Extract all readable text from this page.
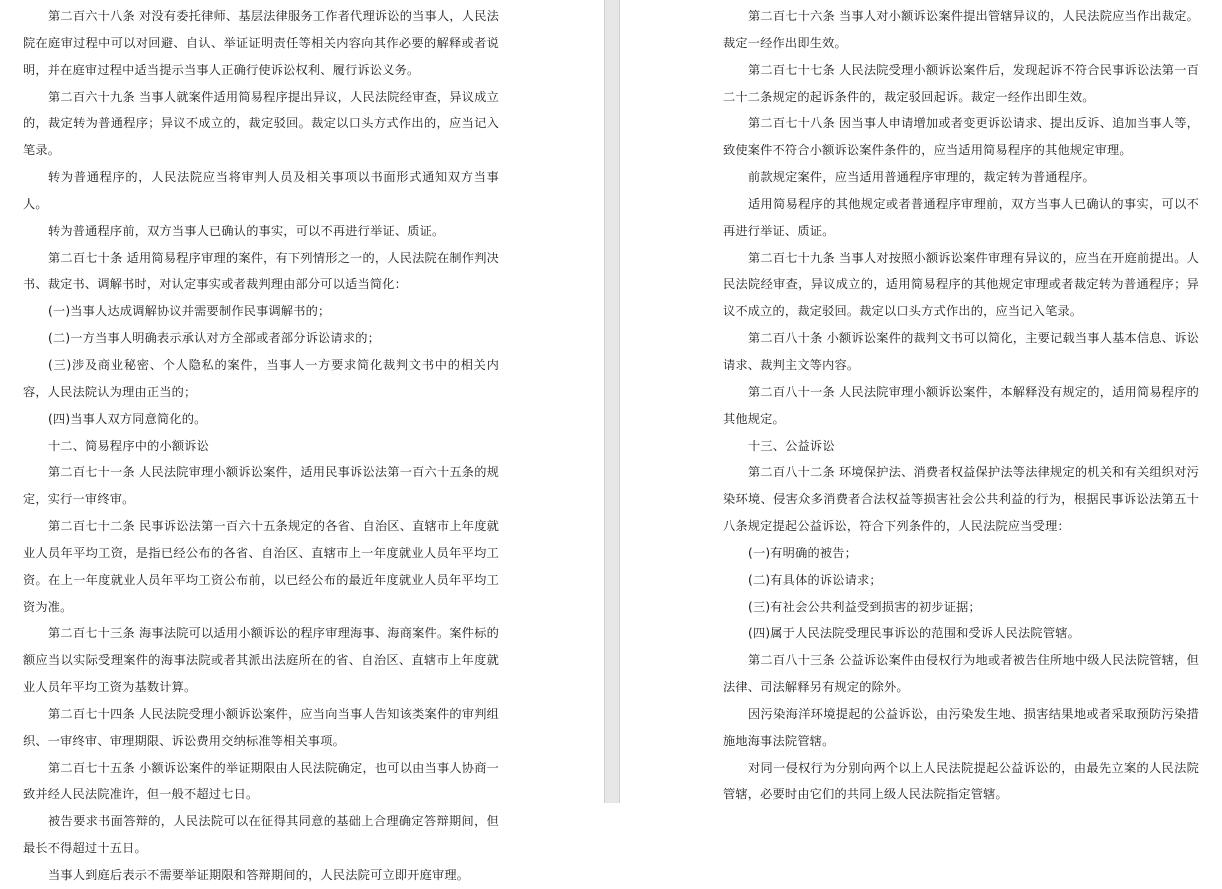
第二百六十八条 对没有委托律师、基层法律服务工作者代理诉讼的当事人，人民法院在庭审过程中可以对回避、自认、举证证明责任等相关内容向其作必要的解释或者说明，并在庭审过程中适当提示当事人正确行使诉讼权利、履行诉讼义务。

第二百六十九条 当事人就案件适用简易程序提出异议，人民法院经审查，异议成立的，裁定转为普通程序；异议不成立的，裁定驳回。裁定以口头方式作出的，应当记入笔录。

转为普通程序的，人民法院应当将审判人员及相关事项以书面形式通知双方当事人。

转为普通程序前，双方当事人已确认的事实，可以不再进行举证、质证。

第二百七十条 适用简易程序审理的案件，有下列情形之一的，人民法院在制作判决书、裁定书、调解书时，对认定事实或者裁判理由部分可以适当简化：

(一)当事人达成调解协议并需要制作民事调解书的；

(二)一方当事人明确表示承认对方全部或者部分诉讼请求的；

(三)涉及商业秘密、个人隐私的案件，当事人一方要求简化裁判文书中的相关内容，人民法院认为理由正当的；

(四)当事人双方同意简化的。

十二、简易程序中的小额诉讼

第二百七十一条 人民法院审理小额诉讼案件，适用民事诉讼法第一百六十五条的规定，实行一审终审。

第二百七十二条 民事诉讼法第一百六十五条规定的各省、自治区、直辖市上年度就业人员年平均工资，是指已经公布的各省、自治区、直辖市上一年度就业人员年平均工资。在上一年度就业人员年平均工资公布前，以已经公布的最近年度就业人员年平均工资为准。

第二百七十三条 海事法院可以适用小额诉讼的程序审理海事、海商案件。案件标的额应当以实际受理案件的海事法院或者其派出法庭所在的省、自治区、直辖市上年度就业人员年平均工资为基数计算。

第二百七十四条 人民法院受理小额诉讼案件，应当向当事人告知该类案件的审判组织、一审终审、审理期限、诉讼费用交纳标准等相关事项。

第二百七十五条 小额诉讼案件的举证期限由人民法院确定，也可以由当事人协商一致并经人民法院准许，但一般不超过七日。

被告要求书面答辩的，人民法院可以在征得其同意的基础上合理确定答辩期间，但最长不得超过十五日。

当事人到庭后表示不需要举证期限和答辩期间的，人民法院可立即开庭审理。

第二百七十六条 当事人对小额诉讼案件提出管辖异议的，人民法院应当作出裁定。裁定一经作出即生效。

第二百七十七条 人民法院受理小额诉讼案件后，发现起诉不符合民事诉讼法第一百二十二条规定的起诉条件的，裁定驳回起诉。裁定一经作出即生效。

第二百七十八条 因当事人申请增加或者变更诉讼请求、提出反诉、追加当事人等，致使案件不符合小额诉讼案件条件的，应当适用简易程序的其他规定审理。

前款规定案件，应当适用普通程序审理的，裁定转为普通程序。

适用简易程序的其他规定或者普通程序审理前，双方当事人已确认的事实，可以不再进行举证、质证。

第二百七十九条 当事人对按照小额诉讼案件审理有异议的，应当在开庭前提出。人民法院经审查，异议成立的，适用简易程序的其他规定审理或者裁定转为普通程序；异议不成立的，裁定驳回。裁定以口头方式作出的，应当记入笔录。

第二百八十条 小额诉讼案件的裁判文书可以简化，主要记载当事人基本信息、诉讼请求、裁判主文等内容。

第二百八十一条 人民法院审理小额诉讼案件，本解释没有规定的，适用简易程序的其他规定。

十三、公益诉讼

第二百八十二条 环境保护法、消费者权益保护法等法律规定的机关和有关组织对污染环境、侵害众多消费者合法权益等损害社会公共利益的行为，根据民事诉讼法第五十八条规定提起公益诉讼，符合下列条件的，人民法院应当受理：

(一)有明确的被告；

(二)有具体的诉讼请求；

(三)有社会公共利益受到损害的初步证据；

(四)属于人民法院受理民事诉讼的范围和受诉人民法院管辖。

第二百八十三条 公益诉讼案件由侵权行为地或者被告住所地中级人民法院管辖，但法律、司法解释另有规定的除外。

因污染海洋环境提起的公益诉讼，由污染发生地、损害结果地或者采取预防污染措施地海事法院管辖。

对同一侵权行为分别向两个以上人民法院提起公益诉讼的，由最先立案的人民法院管辖，必要时由它们的共同上级人民法院指定管辖。
